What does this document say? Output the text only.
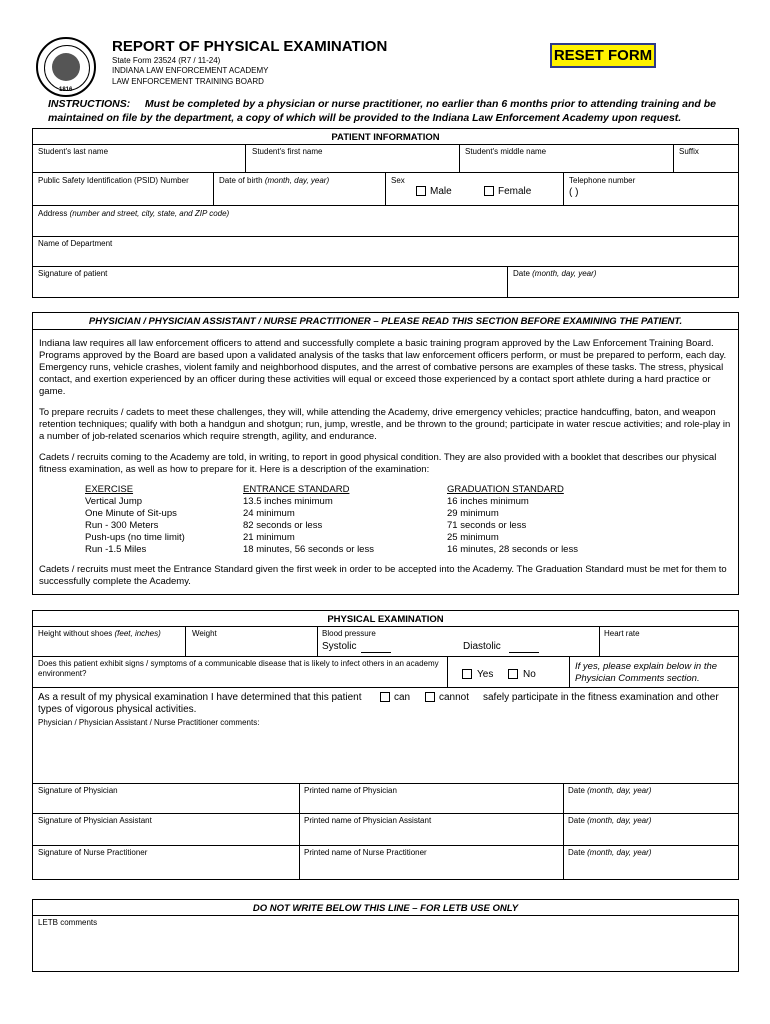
1816
REPORT OF PHYSICAL EXAMINATION
State Form 23524 (R7 / 11-24)
INDIANA LAW ENFORCEMENT ACADEMY
LAW ENFORCEMENT TRAINING BOARD
RESET FORM
INSTRUCTIONS: Must be completed by a physician or nurse practitioner, no earlier than 6 months prior to attending training and be maintained on file by the department, a copy of which will be provided to the Indiana Law Enforcement Academy upon request.
PATIENT INFORMATION
Student's last name	Student's first name	Student's middle name	Suffix
Public Safety Identification (PSID) Number	Date of birth (month, day, year)	Sex
Male	Female
Telephone number
( )
Address (number and street, city, state, and ZIP code)
Name of Department
Signature of patient	Date (month, day, year)
PHYSICIAN / PHYSICIAN ASSISTANT / NURSE PRACTITIONER – PLEASE READ THIS SECTION BEFORE EXAMINING THE PATIENT.
Indiana law requires all law enforcement officers to attend and successfully complete a basic training program approved by the Law Enforcement Training Board. Programs approved by the Board are based upon a validated analysis of the tasks that law enforcement officers perform, or must be prepared to perform, each day. Emergency runs, vehicle crashes, violent family and neighborhood disputes, and the arrest of combative persons are examples of these tasks. The stress, physical contact, and exertion experienced by an officer during these activities will equal or exceed those experienced by a contact sport athlete during a hard practice or game.
To prepare recruits / cadets to meet these challenges, they will, while attending the Academy, drive emergency vehicles; practice handcuffing, baton, and weapon retention techniques; qualify with both a handgun and shotgun; run, jump, wrestle, and be thrown to the ground; participate in water rescue activities; and role-play in a number of job-related scenarios which require strength, agility, and endurance.
Cadets / recruits coming to the Academy are told, in writing, to report in good physical condition. They are also provided with a booklet that describes our physical fitness examination, as well as how to prepare for it. Here is a description of the examination:
EXERCISE	ENTRANCE STANDARD	GRADUATION STANDARD
Vertical Jump	13.5 inches minimum	16 inches minimum
One Minute of Sit-ups	24 minimum	29 minimum
Run - 300 Meters	82 seconds or less	71 seconds or less
Push-ups (no time limit)	21 minimum	25 minimum
Run -1.5 Miles	18 minutes, 56 seconds or less	16 minutes, 28 seconds or less
Cadets / recruits must meet the Entrance Standard given the first week in order to be accepted into the Academy. The Graduation Standard must be met for them to successfully complete the Academy.
PHYSICAL EXAMINATION
Height without shoes (feet, inches)	Weight	Blood pressure
Systolic	Diastolic
Heart rate
Does this patient exhibit signs / symptoms of a communicable disease that is likely to infect others in an academy environment?	Yes	No
If yes, please explain below in the Physician Comments section.
As a result of my physical examination I have determined that this patient	can	cannot safely participate in the fitness examination and other
types of vigorous physical activities.
Physician / Physician Assistant / Nurse Practitioner comments:
Signature of Physician	Printed name of Physician	Date (month, day, year)
Signature of Physician Assistant	Printed name of Physician Assistant	Date (month, day, year)
Signature of Nurse Practitioner	Printed name of Nurse Practitioner	Date (month, day, year)
DO NOT WRITE BELOW THIS LINE – FOR LETB USE ONLY
LETB comments
